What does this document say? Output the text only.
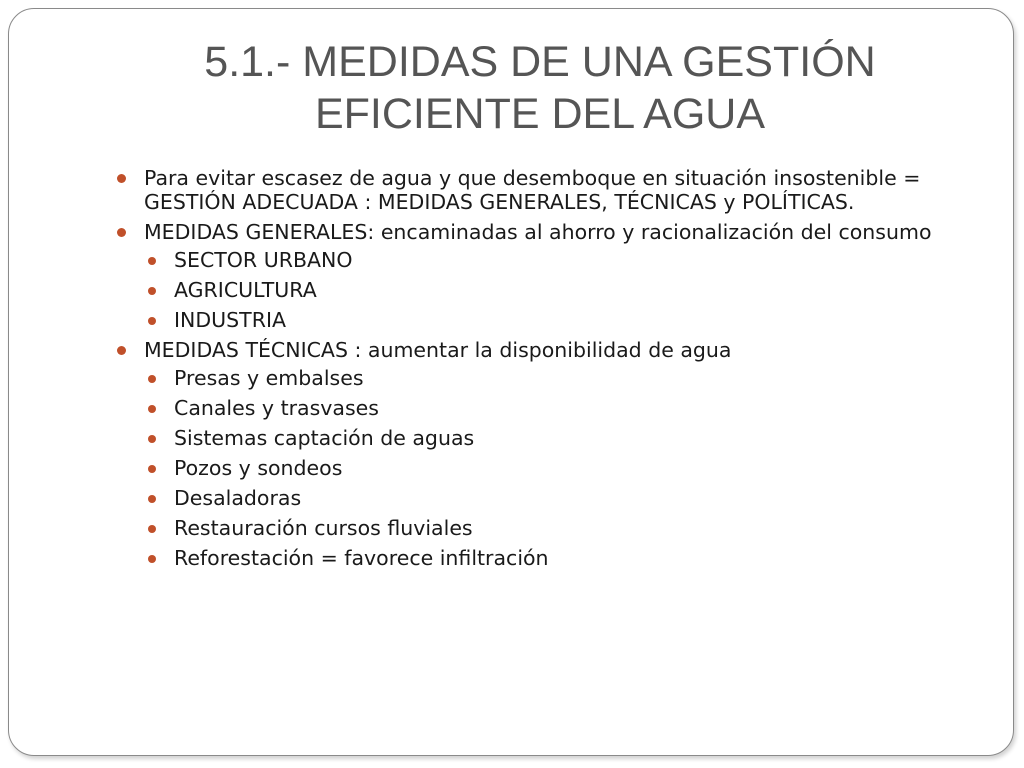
5.1.- MEDIDAS DE UNA GESTIÓN
EFICIENTE DEL AGUA
Para evitar escasez de agua y que desemboque en situación insostenible =
GESTIÓN ADECUADA : MEDIDAS GENERALES, TÉCNICAS y POLÍTICAS.
MEDIDAS GENERALES: encaminadas al ahorro y racionalización del consumo
SECTOR URBANO
AGRICULTURA
INDUSTRIA
MEDIDAS TÉCNICAS : aumentar la disponibilidad de agua
Presas y embalses
Canales y trasvases
Sistemas captación de aguas
Pozos y sondeos
Desaladoras
Restauración cursos fluviales
Reforestación = favorece infiltración
